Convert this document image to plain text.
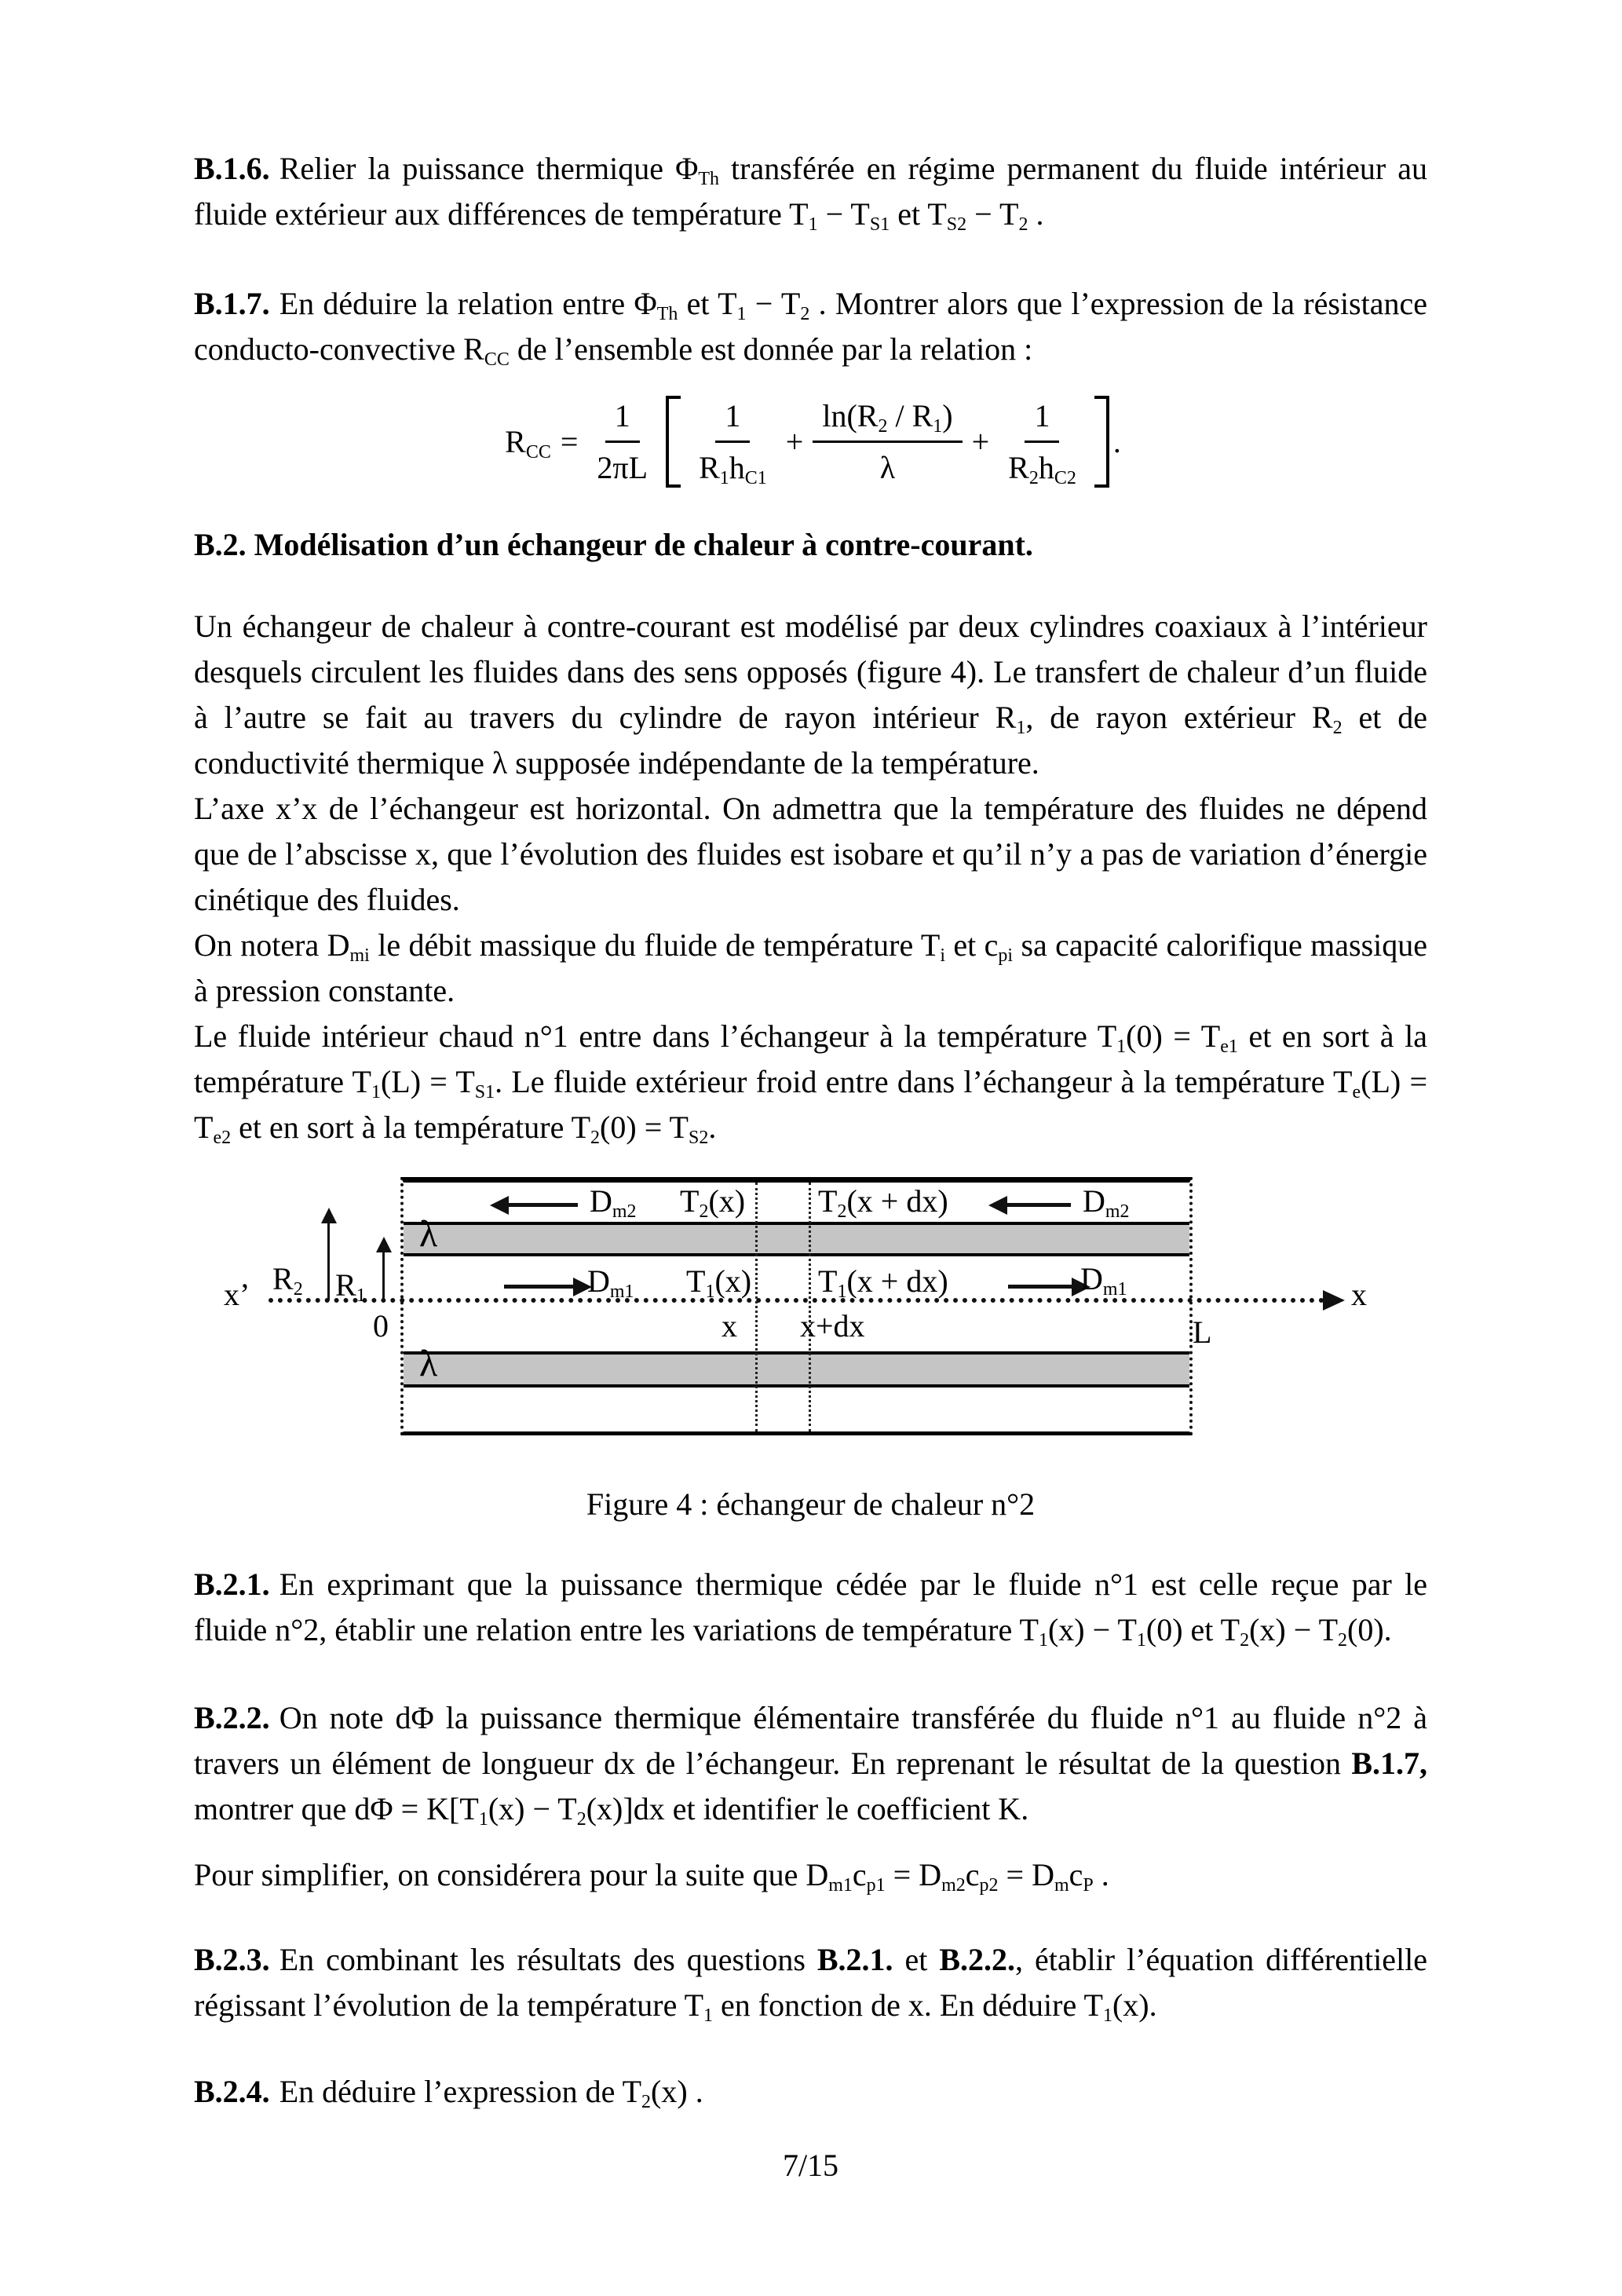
B.1.6. Relier la puissance thermique $\Phi_{Th}$ transférée en régime permanent du fluide intérieur au fluide extérieur aux différences de température $T_1 - T_{S1}$ et $T_{S2} - T_2$ .

B.1.7. En déduire la relation entre $\Phi_{Th}$ et $T_1 - T_2$ . Montrer alors que l’expression de la résistance conducto-convective $R_{CC}$ de l’ensemble est donnée par la relation :

$R_{CC} = \frac{1}{2\pi L} \frac{1}{R_1h_{C1}} + \frac{\ln(R_2 / R_1)}{\lambda} + \frac{1}{R_2h_{C2}}$ .

B.2. Modélisation d’un échangeur de chaleur à contre-courant.

Un échangeur de chaleur à contre-courant est modélisé par deux cylindres coaxiaux à l’intérieur desquels circulent les fluides dans des sens opposés (figure 4). Le transfert de chaleur d’un fluide à l’autre se fait au travers du cylindre de rayon intérieur $R_1$, de rayon extérieur $R_2$ et de conductivité thermique λ supposée indépendante de la température.

L’axe x’x de l’échangeur est horizontal. On admettra que la température des fluides ne dépend que de l’abscisse x, que l’évolution des fluides est isobare et qu’il n’y a pas de variation d’énergie cinétique des fluides.

On notera $D_{mi}$ le débit massique du fluide de température $T_i$ et $c_{pi}$ sa capacité calorifique massique à pression constante.

Le fluide intérieur chaud n°1 entre dans l’échangeur à la température $T_1(0) = T_{e1}$ et en sort à la température $T_1(L) = T_{S1}$. Le fluide extérieur froid entre dans l’échangeur à la température $T_e(L) = T_{e2}$ et en sort à la température $T_2(0) = T_{S2}$.

x’	x
$R_2$ $R_1$
0	x x+dx	L
$D_{m2}$ $T_2(x) T_2(x + dx)$	$D_{m2}$
λ
$D_{m1}$ $T_1(x) T_1(x + dx)$	$D_{m1}$
λ

Figure 4 : échangeur de chaleur n°2

B.2.1. En exprimant que la puissance thermique cédée par le fluide n°1 est celle reçue par le fluide n°2, établir une relation entre les variations de température $T_1(x) - T_1(0)$ et $T_2(x) - T_2(0)$.

B.2.2. On note dΦ la puissance thermique élémentaire transférée du fluide n°1 au fluide n°2 à travers un élément de longueur dx de l’échangeur. En reprenant le résultat de la question B.1.7, montrer que $d\Phi = K[T_1(x) - T_2(x)]dx$ et identifier le coefficient K.

Pour simplifier, on considérera pour la suite que $D_{m1}c_{p1} = D_{m2}c_{p2} = D_mc_P$ .

B.2.3. En combinant les résultats des questions B.2.1. et B.2.2., établir l’équation différentielle régissant l’évolution de la température $T_1$ en fonction de x. En déduire $T_1(x)$.

B.2.4. En déduire l’expression de $T_2(x)$ .

7/15
